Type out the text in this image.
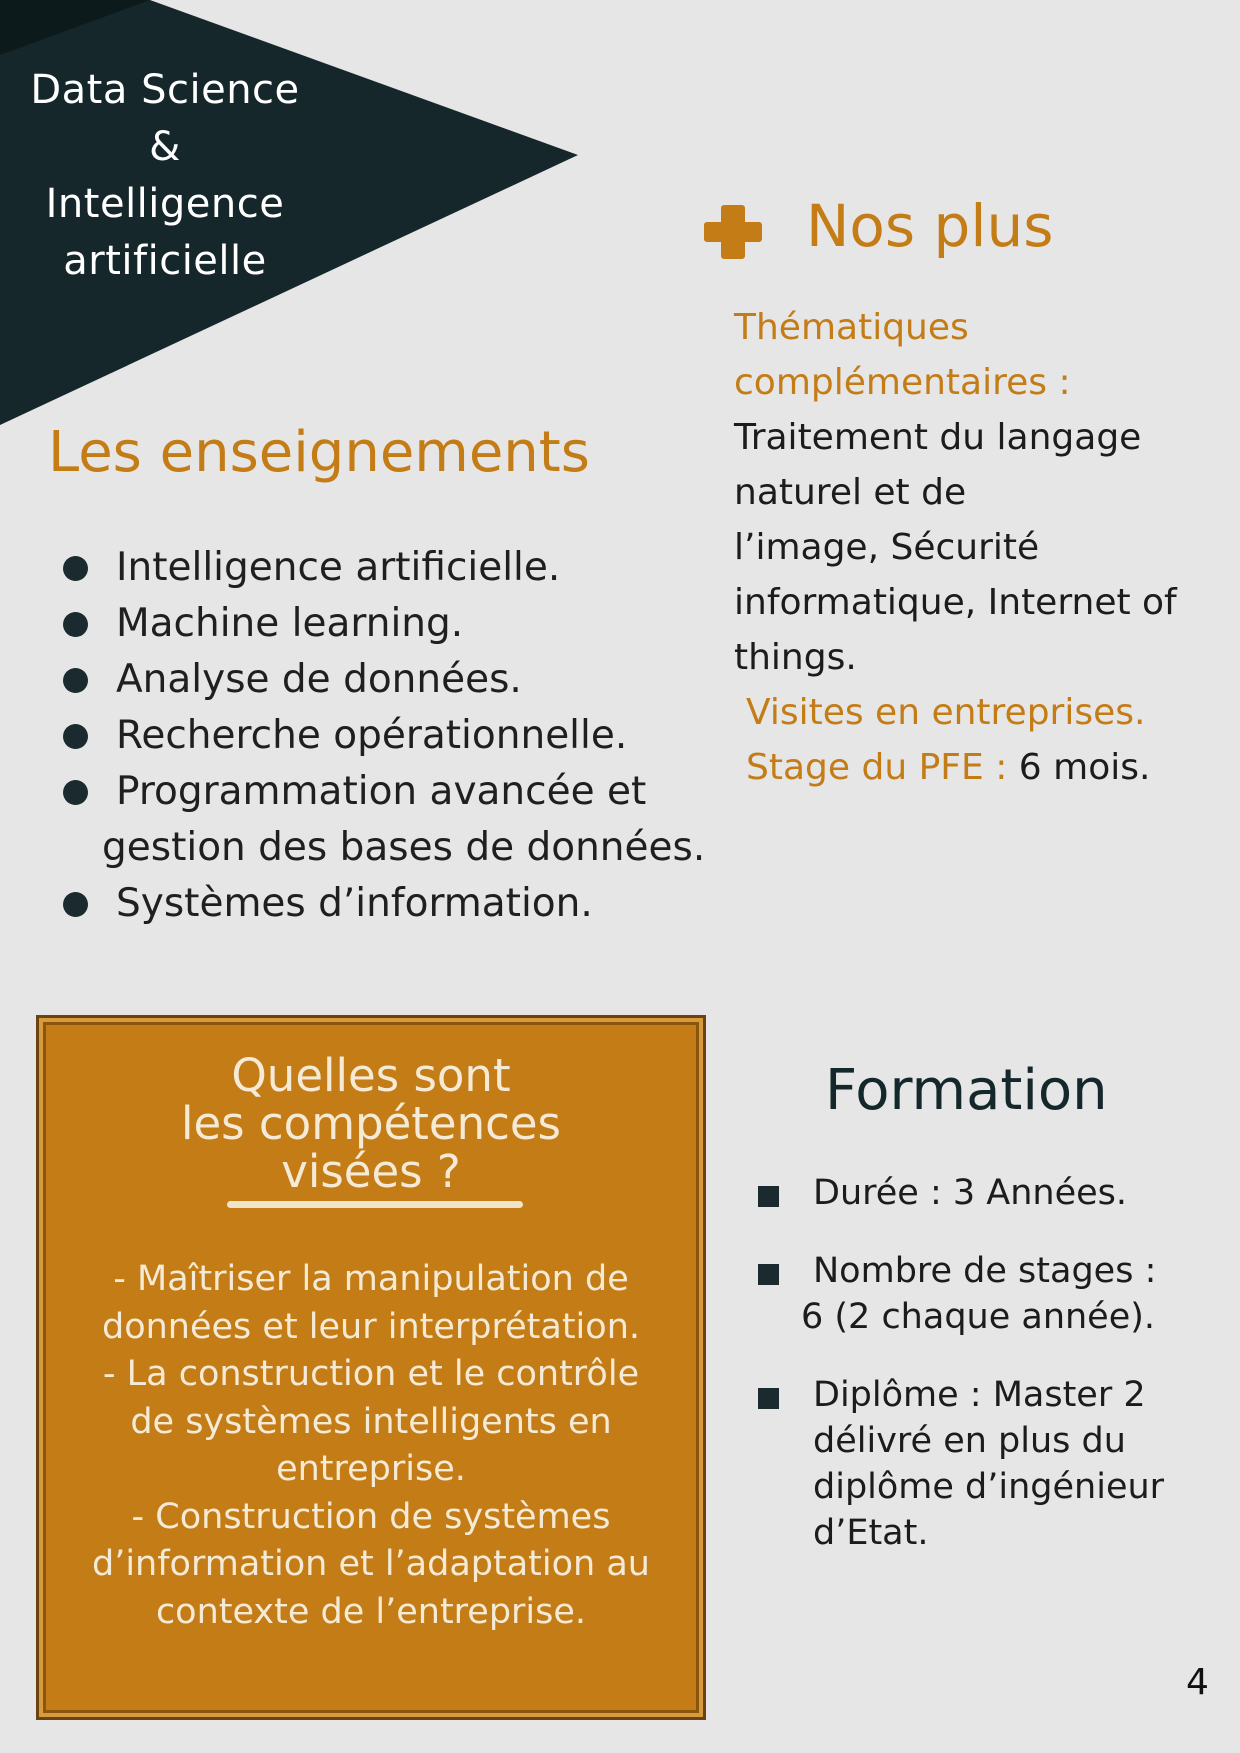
Data Science
&
Intelligence
artificielle
Les enseignements
Intelligence artificielle.
Machine learning.
Analyse de données.
Recherche opérationnelle.
Programmation avancée et
gestion des bases de données.
Systèmes d’information.
Nos plus
Thématiques
complémentaires :
Traitement du langage
naturel et de
l’image, Sécurité
informatique, Internet of
things.
Visites en entreprises.
Stage du PFE : 6 mois.
Quelles sont
les compétences
visées ?
- Maîtriser la manipulation de
données et leur interprétation.
- La construction et le contrôle
de systèmes intelligents en
entreprise.
- Construction de systèmes
d’information et l’adaptation au
contexte de l’entreprise.
Formation
Durée : 3 Années.
Nombre de stages :
6 (2 chaque année).
Diplôme : Master 2
délivré en plus du
diplôme d’ingénieur
d’Etat.
4
